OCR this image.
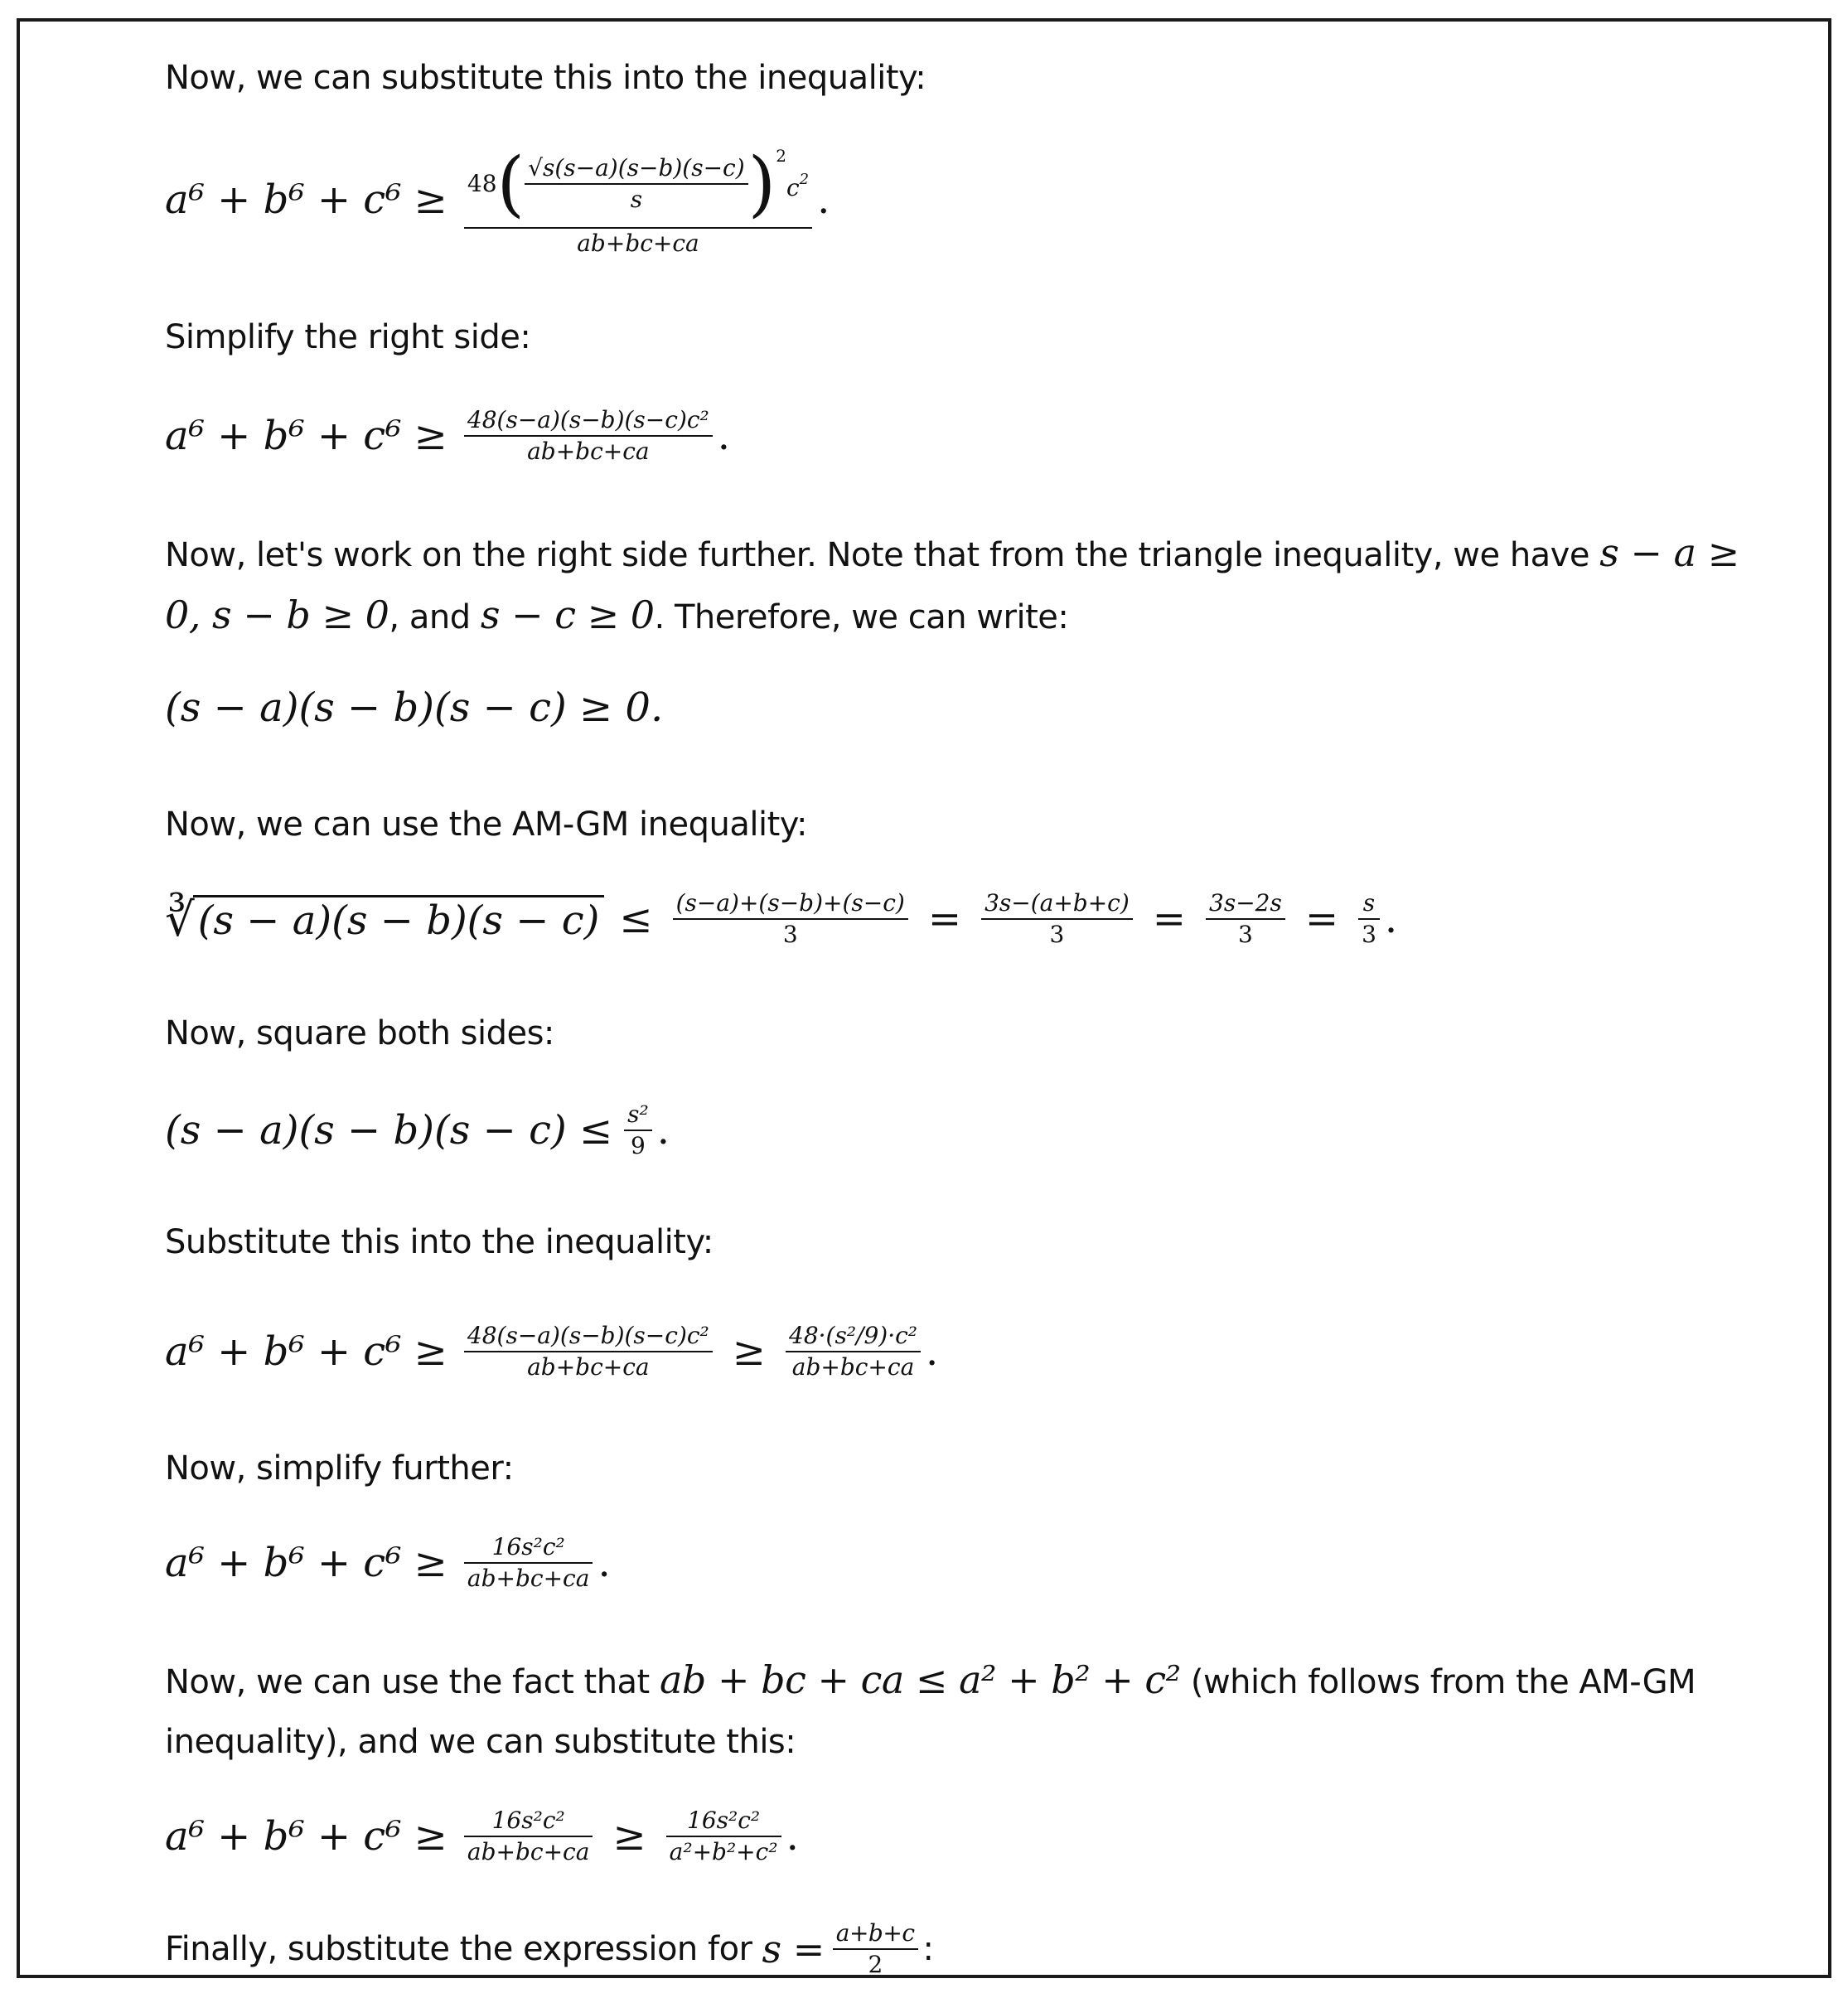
Now, we can substitute this into the inequality:
a⁶ + b⁶ + c⁶ ≥ 48 ( $\frac{√s(s-a)(s-b)(s-c)}{s}$ ) 2
$c^2$
ab+bc+ca
.
Simplify the right side:
$a^6 + b^6 + c^6 \ge \frac{\text{48(s−a)(s−b)(s−c)c²}}{ab+bc+ca}$ .
Now, let's work on the right side further. Note that from the triangle inequality, we have s − a ≥
0, s − b ≥ 0, and s − c ≥ 0. Therefore, we can write:
(s − a)(s − b)(s − c) ≥ 0.
Now, we can use the AM-GM inequality:
∛ $(s - a)(s - b)(s - c) \le \frac{(s-a)+(s-b)+(s-c)}{3} = \frac{3s-(a+b+c)}{3} = \frac{3s-2s}{3} = \frac{s}{3}$ .
Now, square both sides:
$(s - a)(s - b)(s - c) \le \frac{\text{s²}}{9}$ .
Substitute this into the inequality:
$a^6 + b^6 + c^6 \ge \frac{\text{48(s−a)(s−b)(s−c)c²}}{ab+bc+ca} \ge \frac{\text{48·(s²/9)·c²}}{ab+bc+ca}$ .
Now, simplify further:
$a^6 + b^6 + c^6 \ge \frac{\text{16s²c²}}{ab+bc+ca}$ .
Now, we can use the fact that ab + bc + ca ≤ a² + b² + c² (which follows from the AM-GM
inequality), and we can substitute this:
$a^6 + b^6 + c^6 \ge \frac{\text{16s²c²}}{ab+bc+ca} \ge \frac{\text{16s²c²}}{\text{a²+b²+c²}}$ .
Finally, substitute the expression for $s = \frac{a+b+c}{2}$ :
